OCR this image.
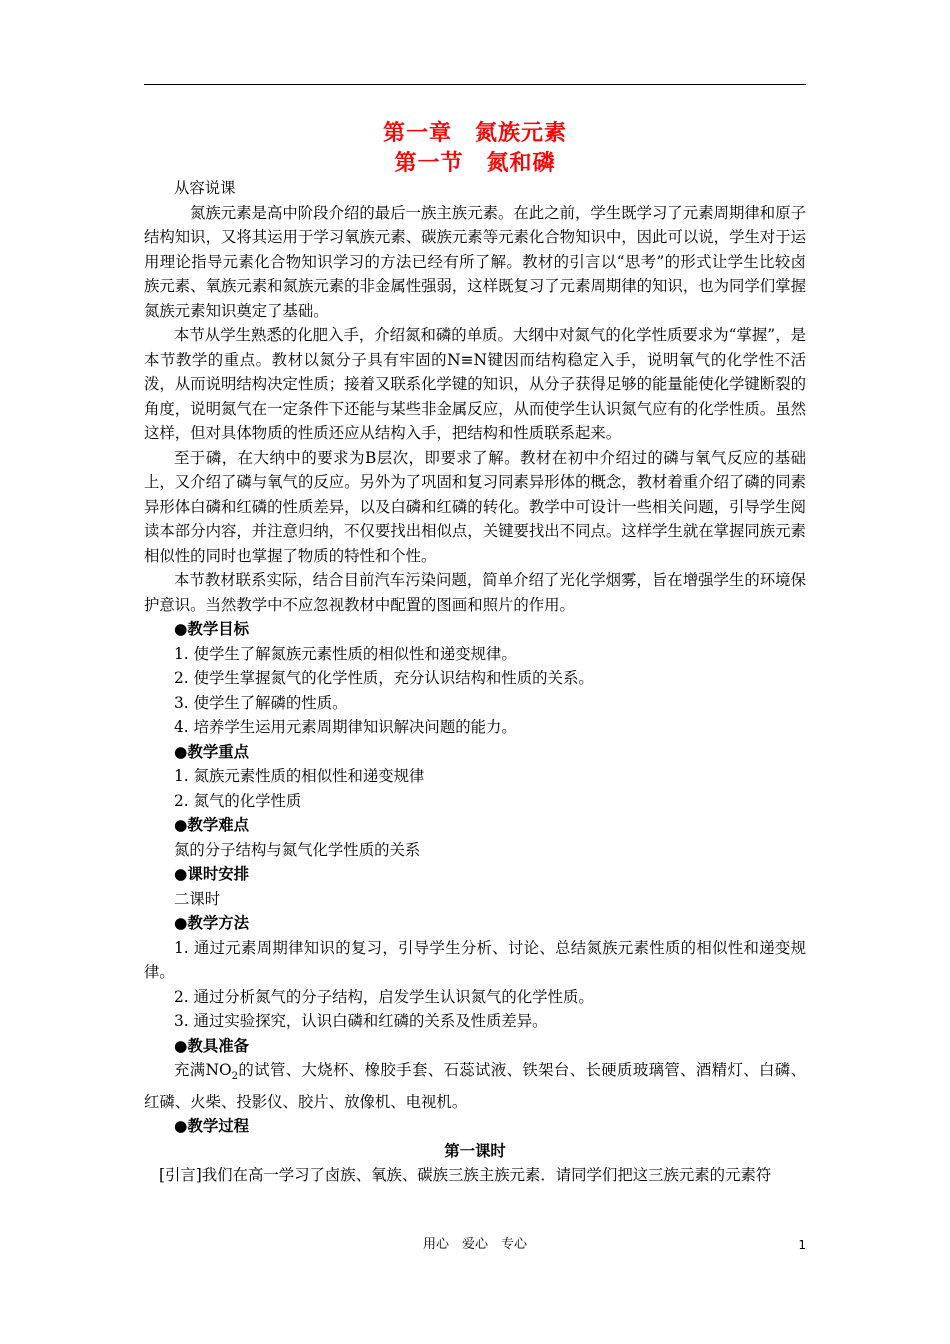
第一章　氮族元素
第一节　氮和磷

从容说课

氮族元素是高中阶段介绍的最后一族主族元素。在此之前，学生既学习了元素周期律和原子结构知识，又将其运用于学习氧族元素、碳族元素等元素化合物知识中，因此可以说，学生对于运用理论指导元素化合物知识学习的方法已经有所了解。教材的引言以“思考”的形式让学生比较卤族元素、氧族元素和氮族元素的非金属性强弱，这样既复习了元素周期律的知识，也为同学们掌握氮族元素知识奠定了基础。

本节从学生熟悉的化肥入手，介绍氮和磷的单质。大纲中对氮气的化学性质要求为“掌握”，是本节教学的重点。教材以氮分子具有牢固的N≡N键因而结构稳定入手，说明氧气的化学性不活泼，从而说明结构决定性质；接着又联系化学键的知识，从分子获得足够的能量能使化学键断裂的角度，说明氮气在一定条件下还能与某些非金属反应，从而使学生认识氮气应有的化学性质。虽然这样，但对具体物质的性质还应从结构入手，把结构和性质联系起来。

至于磷，在大纳中的要求为B层次，即要求了解。教材在初中介绍过的磷与氧气反应的基础上，又介绍了磷与氧气的反应。另外为了巩固和复习同素异形体的概念，教材着重介绍了磷的同素异形体白磷和红磷的性质差异，以及白磷和红磷的转化。教学中可设计一些相关问题，引导学生阅读本部分内容，并注意归纳，不仅要找出相似点，关键要找出不同点。这样学生就在掌握同族元素相似性的同时也掌握了物质的特性和个性。

本节教材联系实际，结合目前汽车污染问题，简单介绍了光化学烟雾，旨在增强学生的环境保护意识。当然教学中不应忽视教材中配置的图画和照片的作用。

●教学目标

1. 使学生了解氮族元素性质的相似性和递变规律。

2. 使学生掌握氮气的化学性质，充分认识结构和性质的关系。

3. 使学生了解磷的性质。

4. 培养学生运用元素周期律知识解决问题的能力。

●教学重点

1. 氮族元素性质的相似性和递变规律

2. 氮气的化学性质

●教学难点

氮的分子结构与氮气化学性质的关系

●课时安排

二课时

●教学方法

1. 通过元素周期律知识的复习，引导学生分析、讨论、总结氮族元素性质的相似性和递变规律。

2. 通过分析氮气的分子结构，启发学生认识氮气的化学性质。

3. 通过实验探究，认识白磷和红磷的关系及性质差异。

●教具准备

充满$NO_2$的试管、大烧杯、橡胶手套、石蕊试液、铁架台、长硬质玻璃管、酒精灯、白磷、红磷、火柴、投影仪、胶片、放像机、电视机。

●教学过程

第一课时

[引言]我们在高一学习了卤族、氧族、碳族三族主族元素．请同学们把这三族元素的元素符

用心　爱心　专心	1
